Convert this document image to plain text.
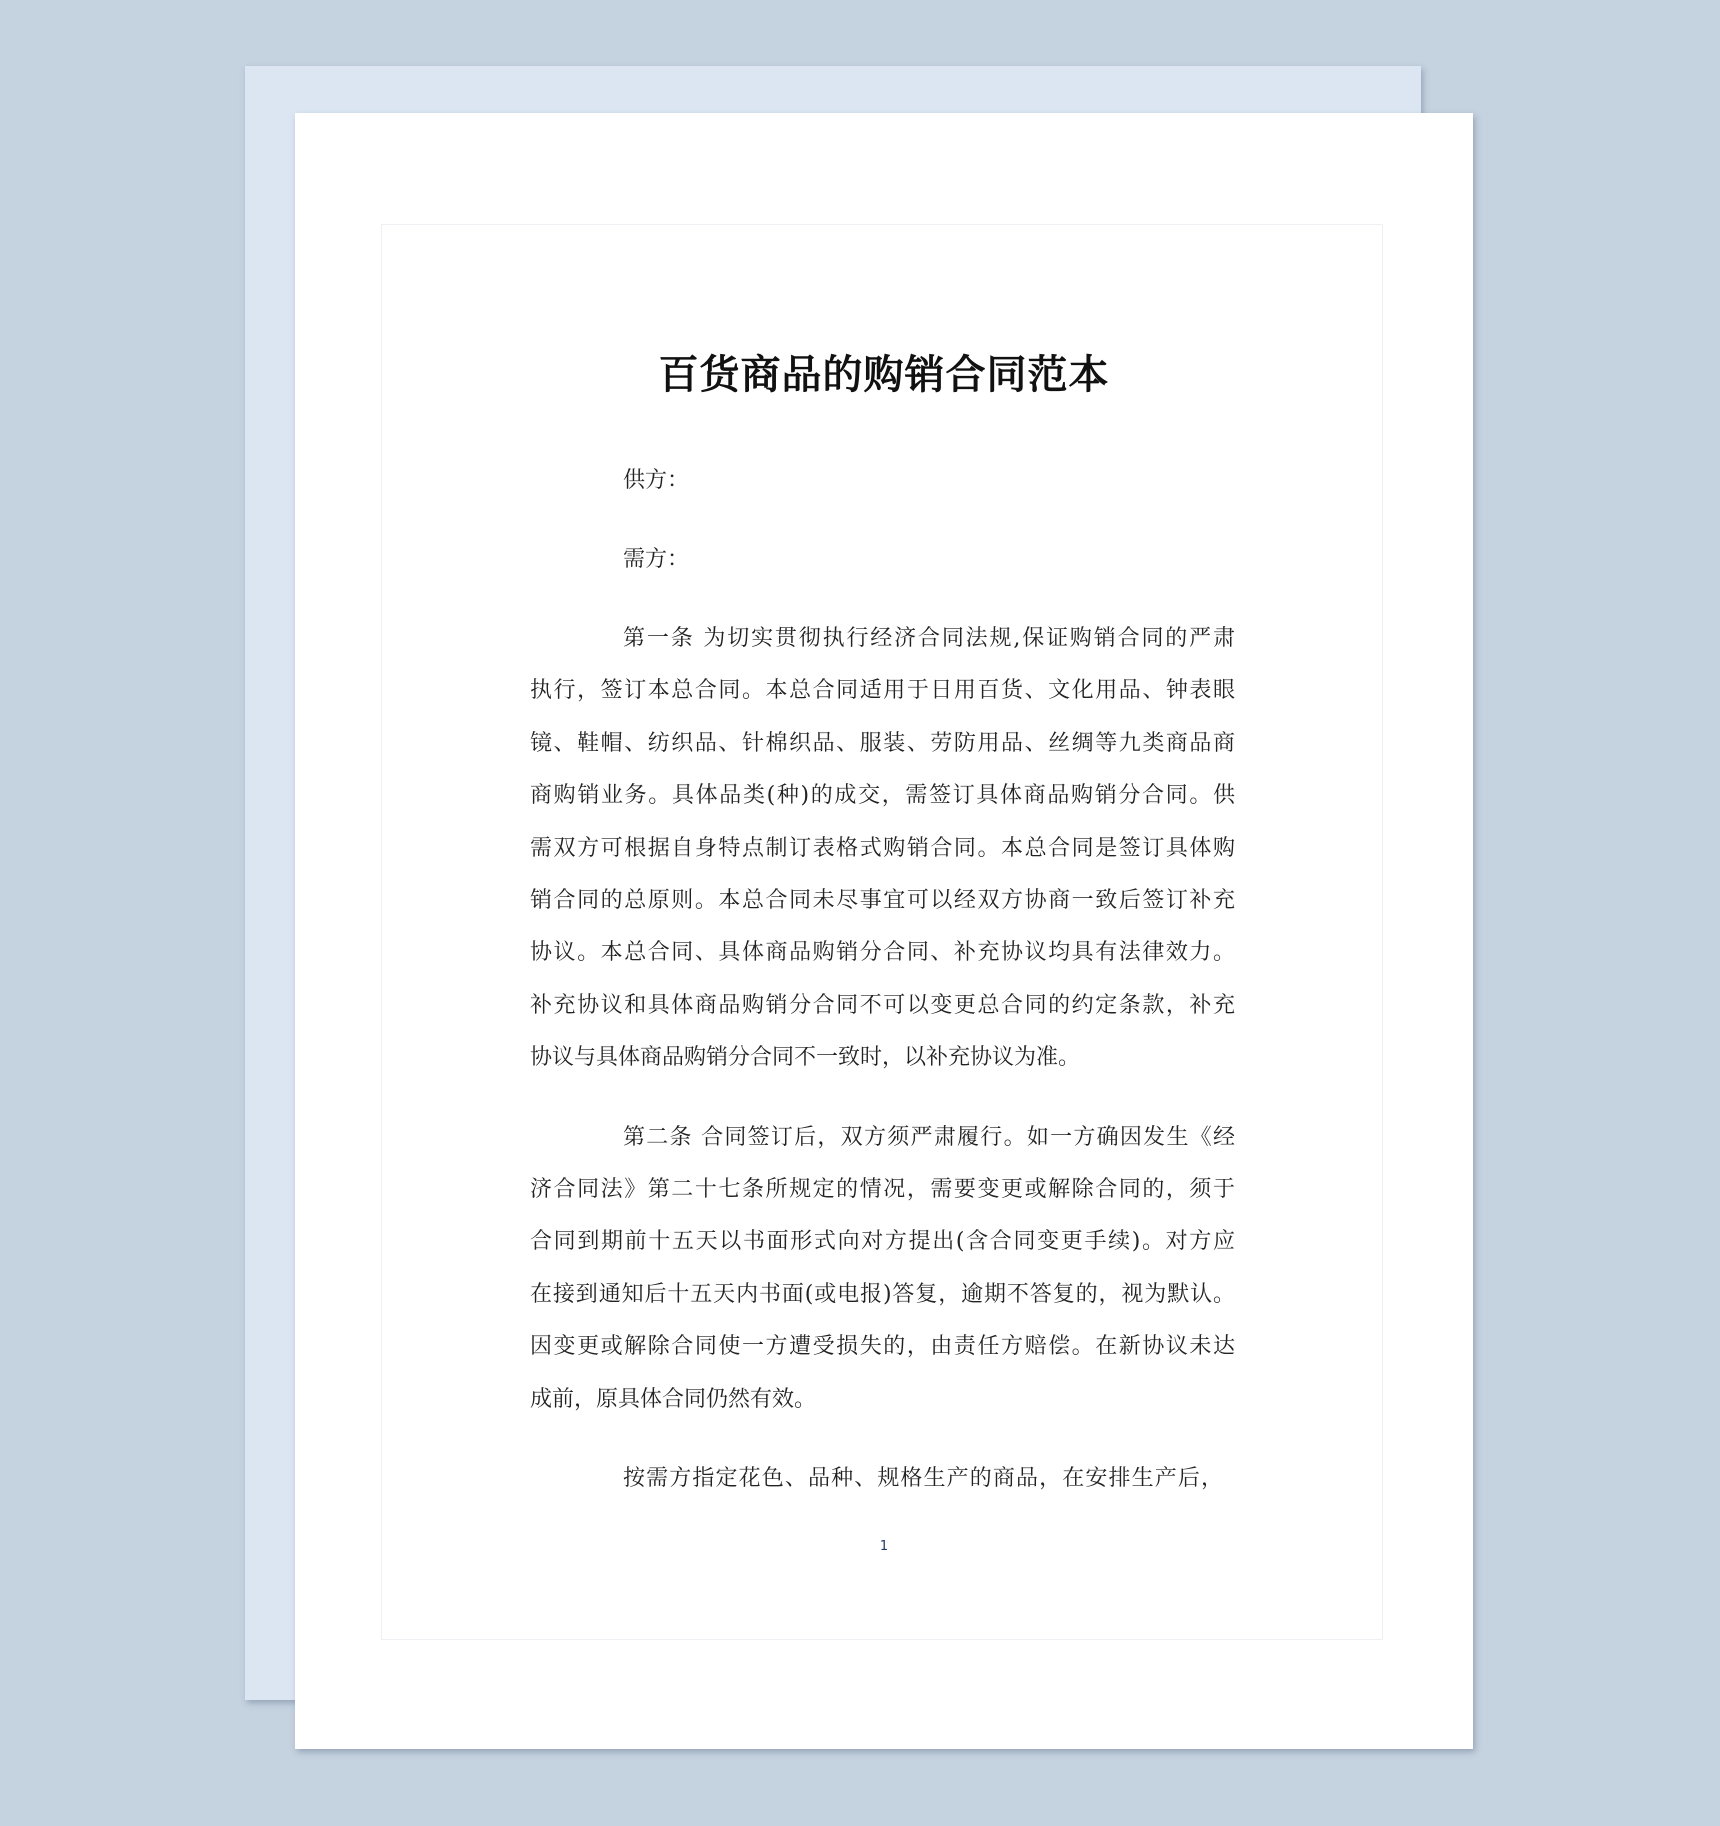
百货商品的购销合同范本
供方：
需方：
第一条 为切实贯彻执行经济合同法规,保证购销合同的严肃
执行，签订本总合同。本总合同适用于日用百货、文化用品、钟表眼
镜、鞋帽、纺织品、针棉织品、服装、劳防用品、丝绸等九类商品商
商购销业务。具体品类(种)的成交，需签订具体商品购销分合同。供
需双方可根据自身特点制订表格式购销合同。本总合同是签订具体购
销合同的总原则。本总合同未尽事宜可以经双方协商一致后签订补充
协议。本总合同、具体商品购销分合同、补充协议均具有法律效力。
补充协议和具体商品购销分合同不可以变更总合同的约定条款，补充
协议与具体商品购销分合同不一致时，以补充协议为准。
第二条 合同签订后，双方须严肃履行。如一方确因发生《经
济合同法》第二十七条所规定的情况，需要变更或解除合同的，须于
合同到期前十五天以书面形式向对方提出(含合同变更手续)。对方应
在接到通知后十五天内书面(或电报)答复，逾期不答复的，视为默认。
因变更或解除合同使一方遭受损失的，由责任方赔偿。在新协议未达
成前，原具体合同仍然有效。
按需方指定花色、品种、规格生产的商品，在安排生产后，
1
